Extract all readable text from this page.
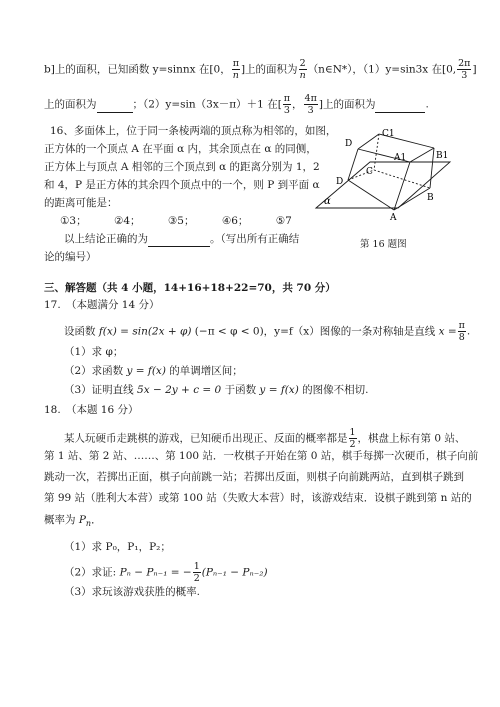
b]上的面积，已知函数 y=sinnx 在[0， $\frac{\pi}{n}$ ]上的面积为 $\frac{2}{n}$ （n∈N*），（1）y=sin3x 在[0, $\frac{2\pi}{3}$ ]
上的面积为	；（2）y=sin（3x－π）＋1 在[ $\frac{\pi}{3}$ ， $\frac{4\pi}{3}$ ]上的面积为	.
16、多面体上，位于同一条棱两端的顶点称为相邻的，如图，
正方体的一个顶点 A 在平面 α 内，其余顶点在 α 的同侧，
正方体上与顶点 A 相邻的三个顶点到 α 的距离分别为 1，2
和 4，P 是正方体的其余四个顶点中的一个，则 P 到平面 α
的距离可能是：
①3；	②4；	③5；	④6；	⑤7
以上结论正确的为	。（写出所有正确结
论的编号）
D
C1
A1	B1
D
C
A
B
α
第 16 题图
三、解答题（共 4 小题，14+16+18+22=70，共 70 分）
17.　（本题满分 14 分）
设函数 f(x) = sin(2x + φ) (−π < φ < 0)，y=f（x）图像的一条对称轴是直线 $x = \frac{\pi}{8}$ .
（1）求 φ；
（2）求函数 y = f(x) 的单调增区间；
（3）证明直线 5x − 2y + c = 0 于函数 y = f(x) 的图像不相切.
18.　（本题 16 分）
某人玩硬币走跳棋的游戏，已知硬币出现正、反面的概率都是 $\frac{1}{2}$ ，棋盘上标有第 0 站、
第 1 站、第 2 站、……、第 100 站．一枚棋子开始在第 0 站，棋手每掷一次硬币，棋子向前
跳动一次，若掷出正面，棋子向前跳一站；若掷出反面，则棋子向前跳两站，直到棋子跳到
第 99 站（胜利大本营）或第 100 站（失败大本营）时，该游戏结束．设棋子跳到第 n 站的
概率为 $P_n$．
（1）求 P₀，P₁，P₂；
（2）求证: Pₙ − Pₙ₋₁ = − $\frac{1}{2} (P_{n-1} - P_{n-2})$
（3）求玩该游戏获胜的概率.
